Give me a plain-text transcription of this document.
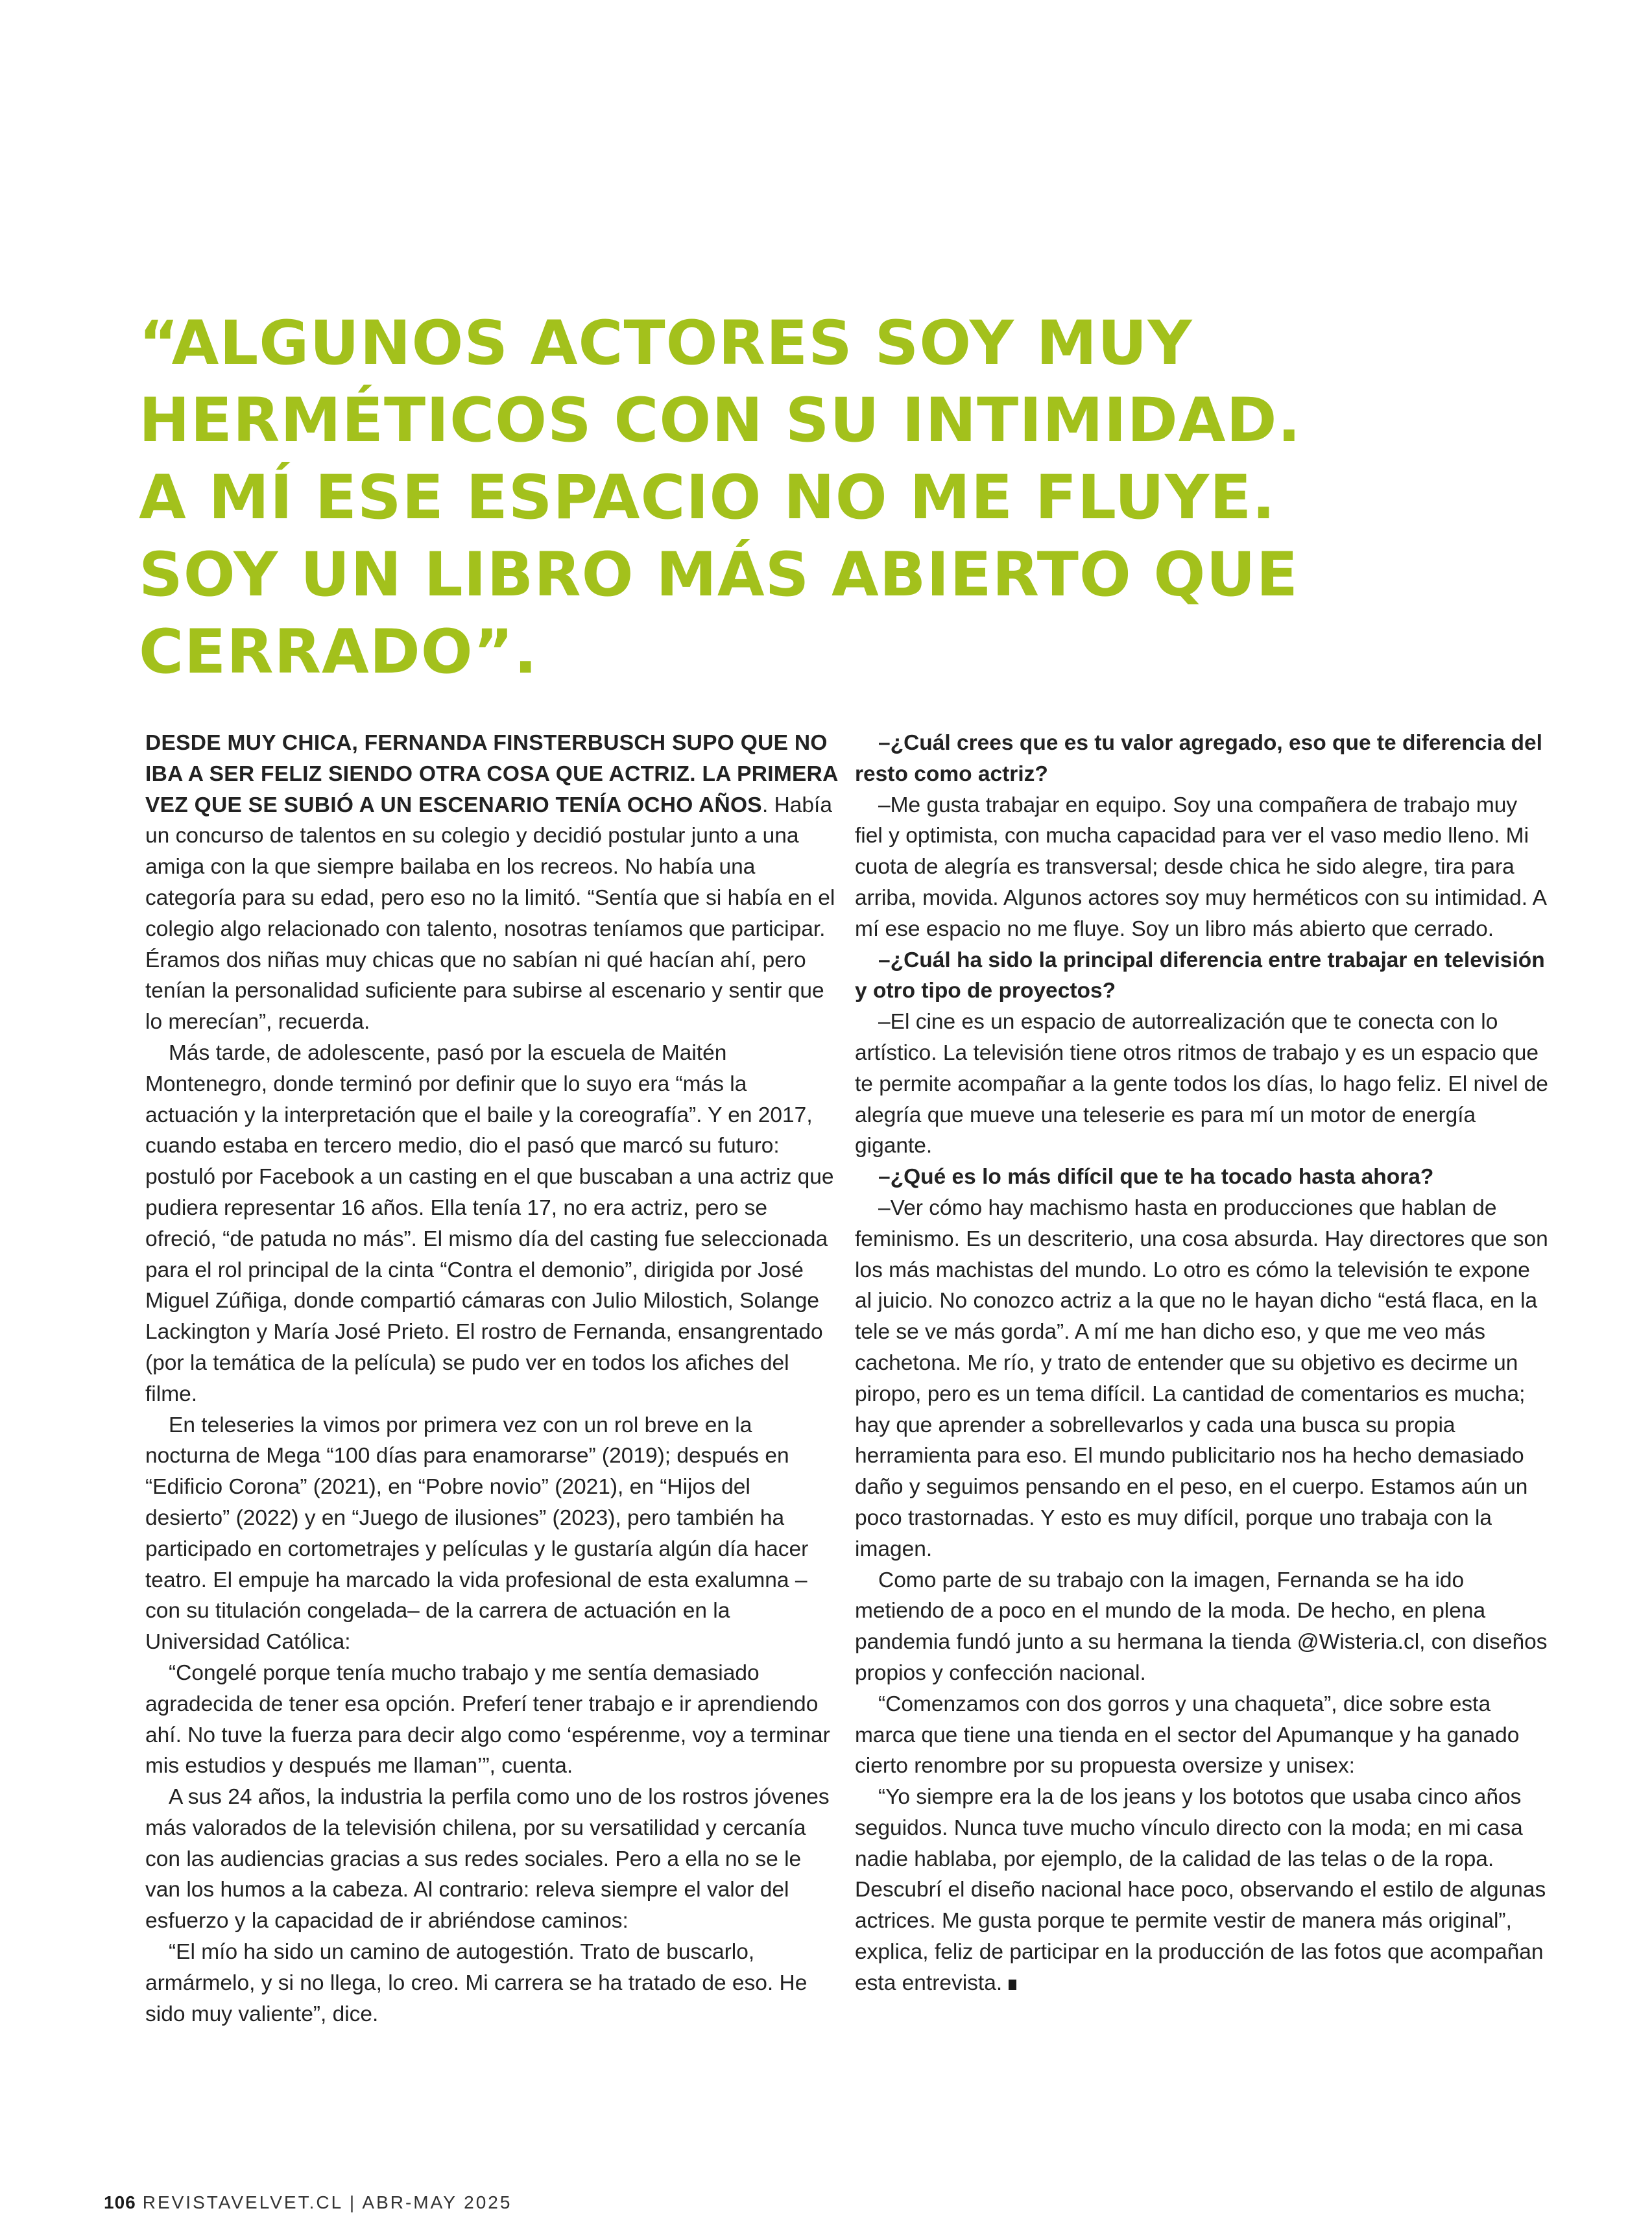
“ALGUNOS ACTORES SOY MUY
HERMÉTICOS CON SU INTIMIDAD.
A MÍ ESE ESPACIO NO ME FLUYE.
SOY UN LIBRO MÁS ABIERTO QUE
CERRADO”.

DESDE MUY CHICA, FERNANDA FINSTERBUSCH SUPO QUE NO IBA A SER FELIZ SIENDO OTRA COSA QUE ACTRIZ. LA PRIMERA VEZ QUE SE SUBIÓ A UN ESCENARIO TENÍA OCHO AÑOS. Había un concurso de talentos en su colegio y decidió postular junto a una amiga con la que siempre bailaba en los recreos. No había una categoría para su edad, pero eso no la limitó. “Sentía que si había en el colegio algo relacionado con talento, nosotras teníamos que participar. Éramos dos niñas muy chicas que no sabían ni qué hacían ahí, pero tenían la personalidad suficiente para subirse al escenario y sentir que lo merecían”, recuerda.

Más tarde, de adolescente, pasó por la escuela de Maitén Montenegro, donde terminó por definir que lo suyo era “más la actuación y la interpretación que el baile y la coreografía”. Y en 2017, cuando estaba en tercero medio, dio el pasó que marcó su futuro: postuló por Facebook a un casting en el que buscaban a una actriz que pudiera representar 16 años. Ella tenía 17, no era actriz, pero se ofreció, “de patuda no más”. El mismo día del casting fue seleccionada para el rol principal de la cinta “Contra el demonio”, dirigida por José Miguel Zúñiga, donde compartió cámaras con Julio Milostich, Solange Lackington y María José Prieto. El rostro de Fernanda, ensangrentado (por la temática de la película) se pudo ver en todos los afiches del filme.

En teleseries la vimos por primera vez con un rol breve en la nocturna de Mega “100 días para enamorarse” (2019); después en “Edificio Corona” (2021), en “Pobre novio” (2021), en “Hijos del desierto” (2022) y en “Juego de ilusiones” (2023), pero también ha participado en cortometrajes y películas y le gustaría algún día hacer teatro. El empuje ha marcado la vida profesional de esta exalumna –con su titulación congelada– de la carrera de actuación en la Universidad Católica:

“Congelé porque tenía mucho trabajo y me sentía demasiado agradecida de tener esa opción. Preferí tener trabajo e ir aprendiendo ahí. No tuve la fuerza para decir algo como ‘espérenme, voy a terminar mis estudios y después me llaman’”, cuenta.

A sus 24 años, la industria la perfila como uno de los rostros jóvenes más valorados de la televisión chilena, por su versatilidad y cercanía con las audiencias gracias a sus redes sociales. Pero a ella no se le van los humos a la cabeza. Al contrario: releva siempre el valor del esfuerzo y la capacidad de ir abriéndose caminos:

“El mío ha sido un camino de autogestión. Trato de buscarlo, armármelo, y si no llega, lo creo. Mi carrera se ha tratado de eso. He sido muy valiente”, dice.

–¿Cuál crees que es tu valor agregado, eso que te diferencia del resto como actriz?

–Me gusta trabajar en equipo. Soy una compañera de trabajo muy fiel y optimista, con mucha capacidad para ver el vaso medio lleno. Mi cuota de alegría es transversal; desde chica he sido alegre, tira para arriba, movida. Algunos actores soy muy herméticos con su intimidad. A mí ese espacio no me fluye. Soy un libro más abierto que cerrado.

–¿Cuál ha sido la principal diferencia entre trabajar en televisión y otro tipo de proyectos?

–El cine es un espacio de autorrealización que te conecta con lo artístico. La televisión tiene otros ritmos de trabajo y es un espacio que te permite acompañar a la gente todos los días, lo hago feliz. El nivel de alegría que mueve una teleserie es para mí un motor de energía gigante.

–¿Qué es lo más difícil que te ha tocado hasta ahora?

–Ver cómo hay machismo hasta en producciones que hablan de feminismo. Es un descriterio, una cosa absurda. Hay directores que son los más machistas del mundo. Lo otro es cómo la televisión te expone al juicio. No conozco actriz a la que no le hayan dicho “está flaca, en la tele se ve más gorda”. A mí me han dicho eso, y que me veo más cachetona. Me río, y trato de entender que su objetivo es decirme un piropo, pero es un tema difícil. La cantidad de comentarios es mucha; hay que aprender a sobrellevarlos y cada una busca su propia herramienta para eso. El mundo publicitario nos ha hecho demasiado daño y seguimos pensando en el peso, en el cuerpo. Estamos aún un poco trastornadas. Y esto es muy difícil, porque uno trabaja con la imagen.

Como parte de su trabajo con la imagen, Fernanda se ha ido metiendo de a poco en el mundo de la moda. De hecho, en plena pandemia fundó junto a su hermana la tienda @Wisteria.cl, con diseños propios y confección nacional.

“Comenzamos con dos gorros y una chaqueta”, dice sobre esta marca que tiene una tienda en el sector del Apumanque y ha ganado cierto renombre por su propuesta oversize y unisex:

“Yo siempre era la de los jeans y los bototos que usaba cinco años seguidos. Nunca tuve mucho vínculo directo con la moda; en mi casa nadie hablaba, por ejemplo, de la calidad de las telas o de la ropa. Descubrí el diseño nacional hace poco, observando el estilo de algunas actrices. Me gusta porque te permite vestir de manera más original”, explica, feliz de participar en la producción de las fotos que acompañan esta entrevista.

106 REVISTAVELVET.CL | ABR-MAY 2025
